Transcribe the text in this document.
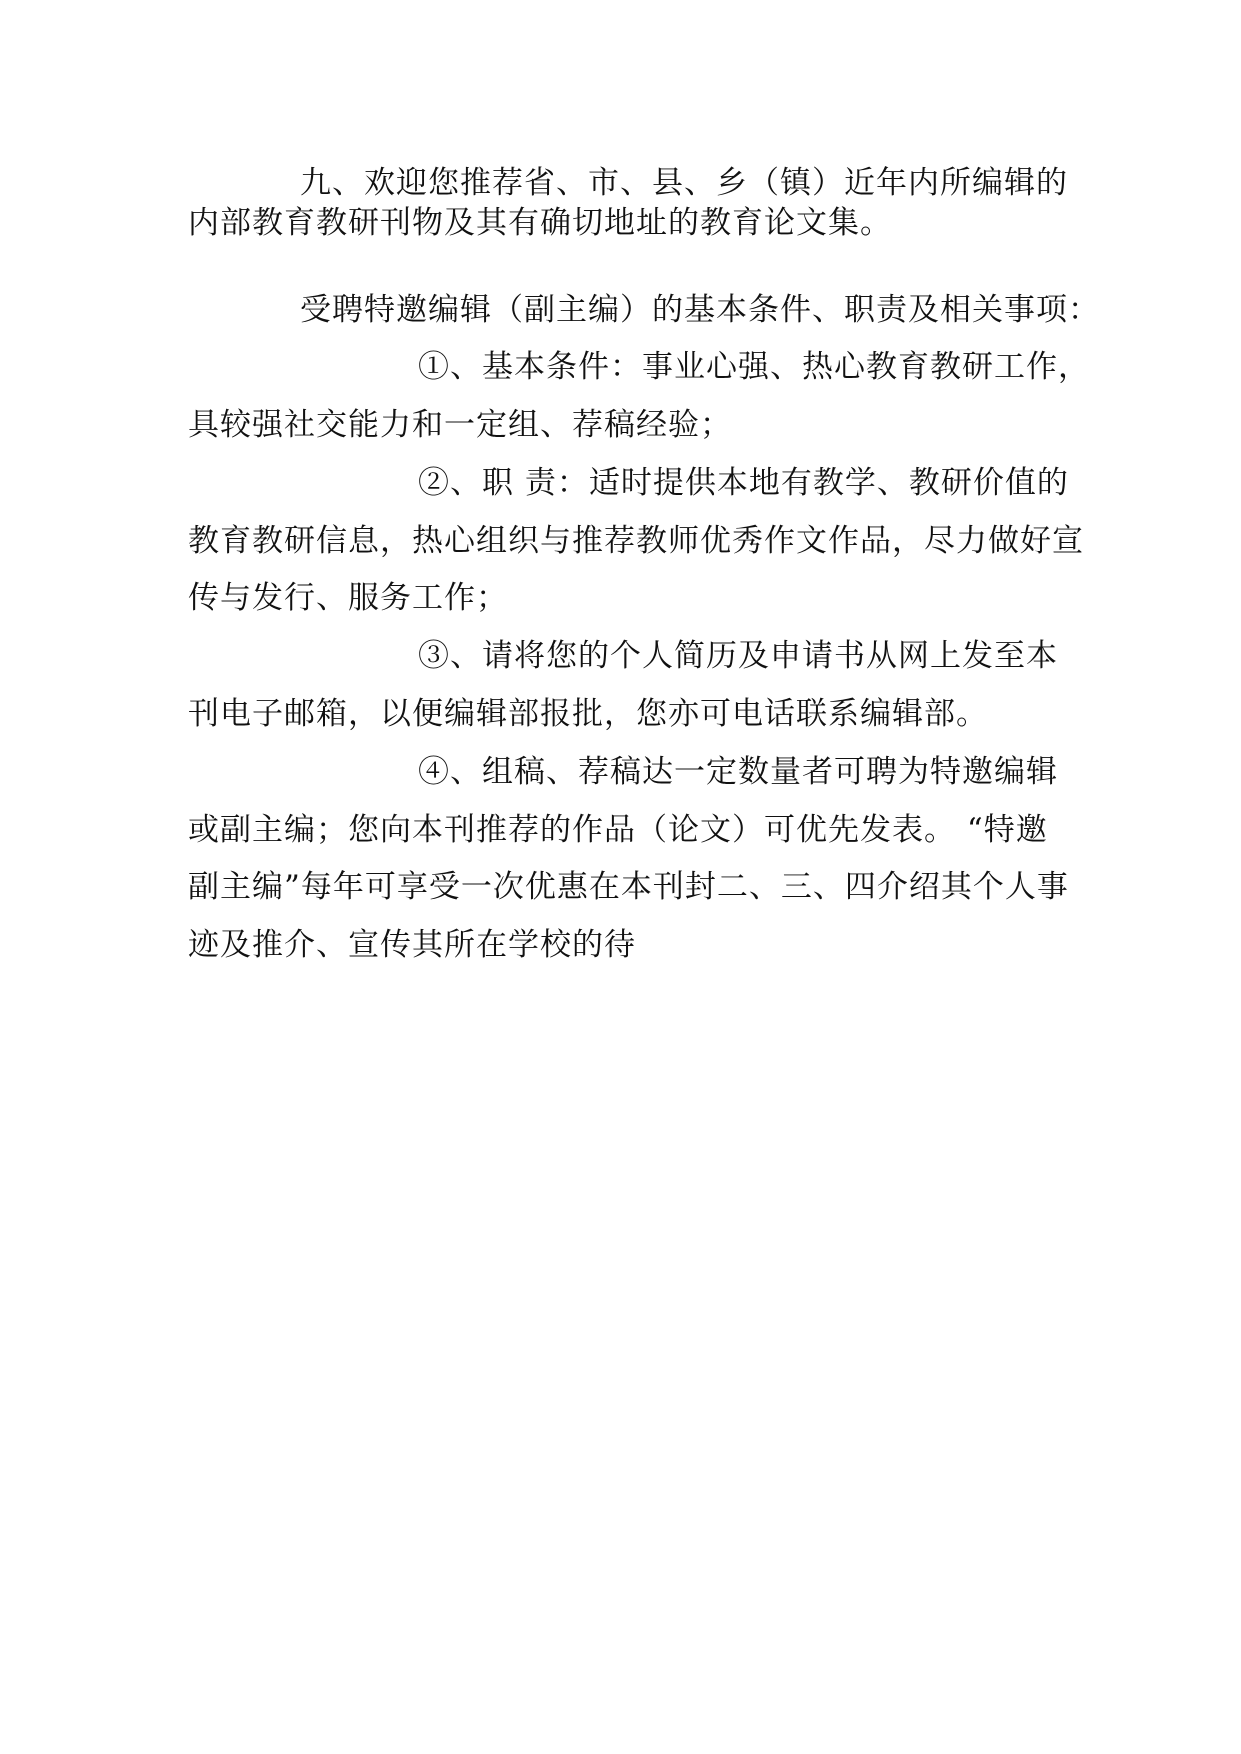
九、欢迎您推荐省、市、县、乡（镇）近年内所编辑的
内部教育教研刊物及其有确切地址的教育论文集。
受聘特邀编辑（副主编）的基本条件、职责及相关事项：
①、基本条件：事业心强、热心教育教研工作，
具较强社交能力和一定组、荐稿经验；
②、职 责：适时提供本地有教学、教研价值的
教育教研信息，热心组织与推荐教师优秀作文作品，尽力做好宣
传与发行、服务工作；
③、请将您的个人简历及申请书从网上发至本
刊电子邮箱，以便编辑部报批，您亦可电话联系编辑部。
④、组稿、荐稿达一定数量者可聘为特邀编辑
或副主编；您向本刊推荐的作品（论文）可优先发表。 “特邀
副主编”每年可享受一次优惠在本刊封二、三、四介绍其个人事
迹及推介、宣传其所在学校的待
